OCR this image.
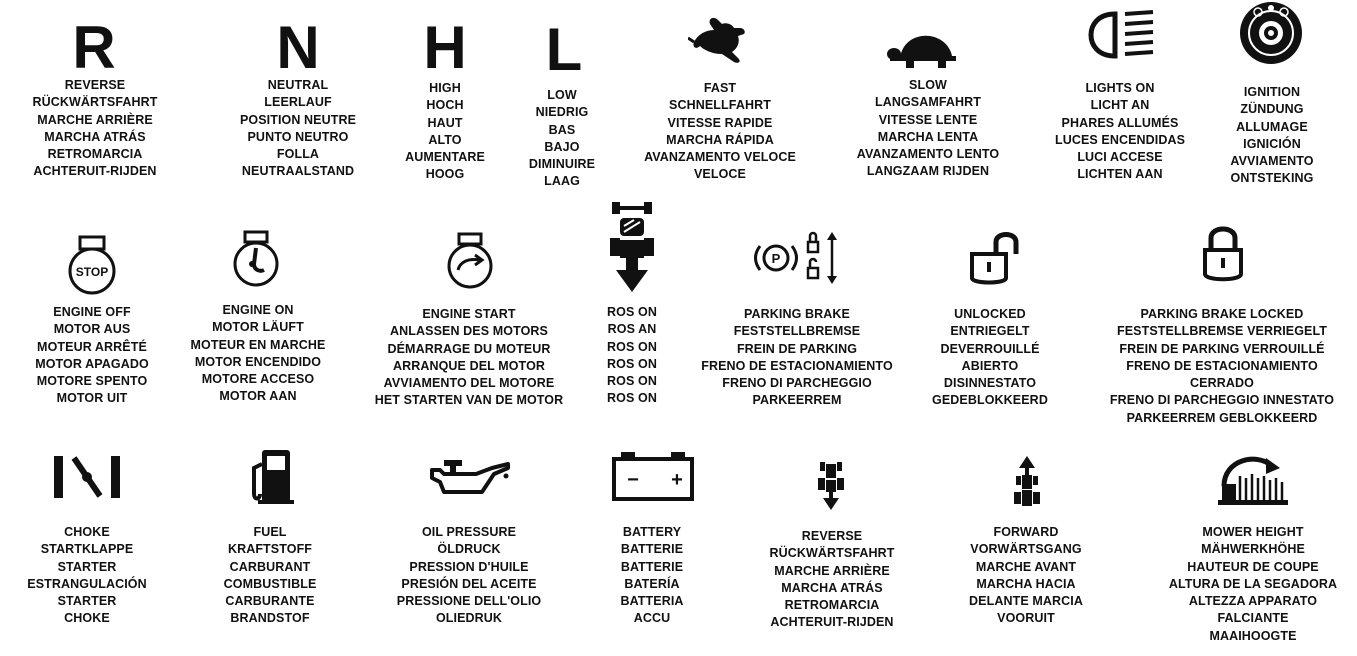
R
REVERSE
RÜCKWÄRTSFAHRT
MARCHE ARRIÈRE
MARCHA ATRÁS
RETROMARCIA
ACHTERUIT-RIJDEN
N
NEUTRAL
LEERLAUF
POSITION NEUTRE
PUNTO NEUTRO
FOLLA
NEUTRAALSTAND
H
HIGH
HOCH
HAUT
ALTO
AUMENTARE
HOOG
L
LOW
NIEDRIG
BAS
BAJO
DIMINUIRE
LAAG
FAST
SCHNELLFAHRT
VITESSE RAPIDE
MARCHA RÁPIDA
AVANZAMENTO VELOCE
VELOCE
SLOW
LANGSAMFAHRT
VITESSE LENTE
MARCHA LENTA
AVANZAMENTO LENTO
LANGZAAM RIJDEN
LIGHTS ON
LICHT AN
PHARES ALLUMÉS
LUCES ENCENDIDAS
LUCI ACCESE
LICHTEN AAN
IGNITION
ZÜNDUNG
ALLUMAGE
IGNICIÓN
AVVIAMENTO
ONTSTEKING
STOP
ENGINE OFF
MOTOR AUS
MOTEUR ARRÊTÉ
MOTOR APAGADO
MOTORE SPENTO
MOTOR UIT
ENGINE ON
MOTOR LÄUFT
MOTEUR EN MARCHE
MOTOR ENCENDIDO
MOTORE ACCESO
MOTOR AAN
ENGINE START
ANLASSEN DES MOTORS
DÉMARRAGE DU MOTEUR
ARRANQUE DEL MOTOR
AVVIAMENTO DEL MOTORE
HET STARTEN VAN DE MOTOR
ROS ON
ROS AN
ROS ON
ROS ON
ROS ON
ROS ON
P
PARKING BRAKE
FESTSTELLBREMSE
FREIN DE PARKING
FRENO DE ESTACIONAMIENTO
FRENO DI PARCHEGGIO
PARKEERREM
UNLOCKED
ENTRIEGELT
DEVERROUILLÉ
ABIERTO
DISINNESTATO
GEDEBLOKKEERD
PARKING BRAKE LOCKED
FESTSTELLBREMSE VERRIEGELT
FREIN DE PARKING VERROUILLÉ
FRENO DE ESTACIONAMIENTO
CERRADO
FRENO DI PARCHEGGIO INNESTATO
PARKEERREM GEBLOKKEERD
CHOKE
STARTKLAPPE
STARTER
ESTRANGULACIÓN
STARTER
CHOKE
FUEL
KRAFTSTOFF
CARBURANT
COMBUSTIBLE
CARBURANTE
BRANDSTOF
OIL PRESSURE
ÖLDRUCK
PRESSION D'HUILE
PRESIÓN DEL ACEITE
PRESSIONE DELL'OLIO
OLIEDRUK
− +
BATTERY
BATTERIE
BATTERIE
BATERÍA
BATTERIA
ACCU
REVERSE
RÜCKWÄRTSFAHRT
MARCHE ARRIÈRE
MARCHA ATRÁS
RETROMARCIA
ACHTERUIT-RIJDEN
FORWARD
VORWÄRTSGANG
MARCHE AVANT
MARCHA HACIA
DELANTE MARCIA
VOORUIT
MOWER HEIGHT
MÄHWERKHÖHE
HAUTEUR DE COUPE
ALTURA DE LA SEGADORA
ALTEZZA APPARATO
FALCIANTE
MAAIHOOGTE
